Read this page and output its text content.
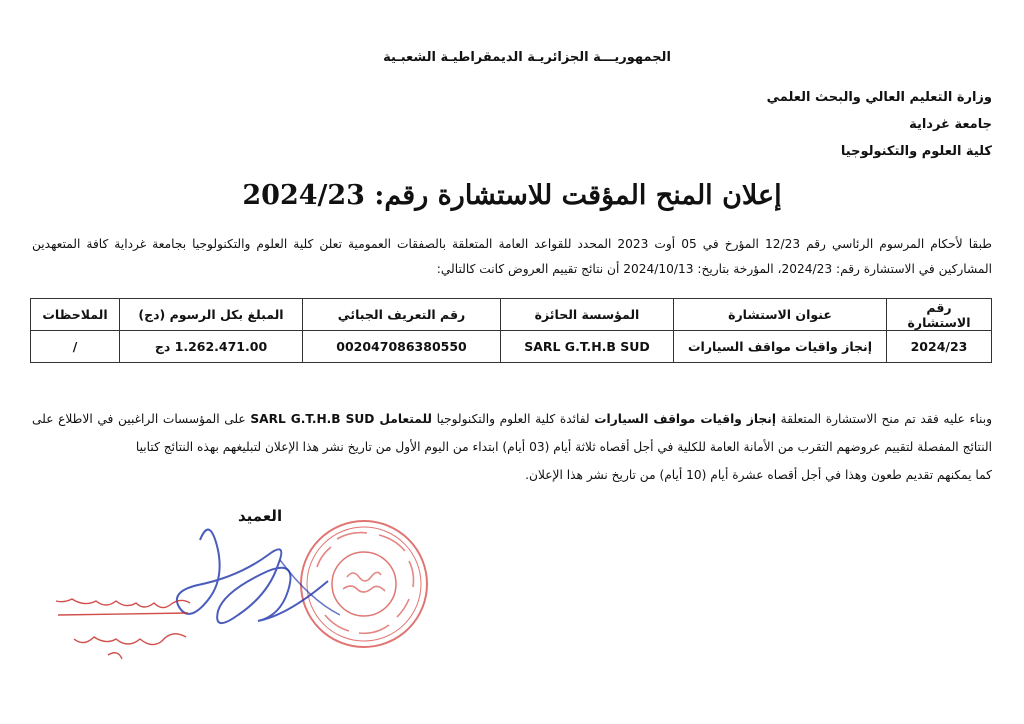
الجمهوريـــة الجزائريـة الديمقراطيـة الشعبـية
وزارة التعليم العالي والبحث العلمي
جامعة غرداية
كلية العلوم والتكنولوجيا
إعلان المنح المؤقت للاستشارة رقم: 2024/23
طبقا لأحكام المرسوم الرئاسي رقم 12/23 المؤرخ في 05 أوت 2023 المحدد للقواعد العامة المتعلقة بالصفقات العمومية تعلن كلية العلوم والتكنولوجيا بجامعة غرداية كافة المتعهدين المشاركين في الاستشارة رقم: 2024/23، المؤرخة بتاريخ: 2024/10/13 أن نتائج تقييم العروض كانت كالتالي:
رقم الاستشارة	عنوان الاستشارة	المؤسسة الحائزة	رقم التعريف الجبائي	المبلغ بكل الرسوم (دج)	الملاحظات
2024/23	إنجاز واقيات مواقف السيارات	SARL G.T.H.B SUD	002047086380550	1.262.471.00 دج	/

وبناء عليه فقد تم منح الاستشارة المتعلقة إنجاز واقيات مواقف السيارات لفائدة كلية العلوم والتكنولوجيا للمتعامل SARL G.T.H.B SUD على المؤسسات الراغبين في الاطلاع على النتائج المفصلة لتقييم عروضهم التقرب من الأمانة العامة للكلية في أجل أقصاه ثلاثة أيام (03 أيام) ابتداء من اليوم الأول من تاريخ نشر هذا الإعلان لتبليغهم بهذه النتائج كتابيا

كما يمكنهم تقديم طعون وهذا في أجل أقصاه عشرة أيام (10 أيام) من تاريخ نشر هذا الإعلان.

العميد
